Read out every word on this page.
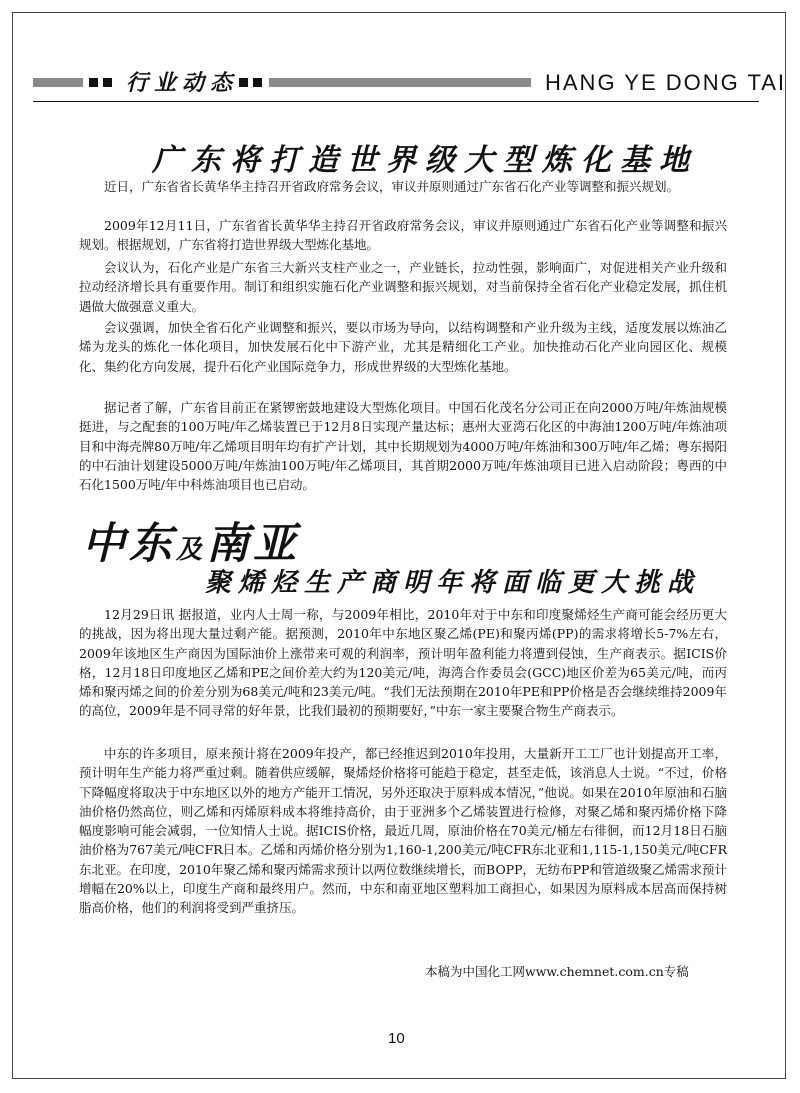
行业动态	HANG YE DONG TAI
广东将打造世界级大型炼化基地

近日，广东省省长黄华华主持召开省政府常务会议，审议并原则通过广东省石化产业等调整和振兴规划。

2009年12月11日，广东省省长黄华华主持召开省政府常务会议，审议并原则通过广东省石化产业等调整和振兴规划。根据规划，广东省将打造世界级大型炼化基地。

会议认为，石化产业是广东省三大新兴支柱产业之一，产业链长，拉动性强，影响面广，对促进相关产业升级和拉动经济增长具有重要作用。制订和组织实施石化产业调整和振兴规划，对当前保持全省石化产业稳定发展，抓住机遇做大做强意义重大。

会议强调，加快全省石化产业调整和振兴，要以市场为导向，以结构调整和产业升级为主线，适度发展以炼油乙烯为龙头的炼化一体化项目，加快发展石化中下游产业，尤其是精细化工产业。加快推动石化产业向园区化、规模化、集约化方向发展，提升石化产业国际竞争力，形成世界级的大型炼化基地。

据记者了解，广东省目前正在紧锣密鼓地建设大型炼化项目。中国石化茂名分公司正在向2000万吨/年炼油规模挺进，与之配套的100万吨/年乙烯装置已于12月8日实现产量达标；惠州大亚湾石化区的中海油1200万吨/年炼油项目和中海壳牌80万吨/年乙烯项目明年均有扩产计划，其中长期规划为4000万吨/年炼油和300万吨/年乙烯；粤东揭阳的中石油计划建设5000万吨/年炼油100万吨/年乙烯项目，其首期2000万吨/年炼油项目已进入启动阶段；粤西的中石化1500万吨/年中科炼油项目也已启动。

中东及南亚
聚烯烃生产商明年将面临更大挑战

12月29日讯 据报道，业内人士周一称，与2009年相比，2010年对于中东和印度聚烯烃生产商可能会经历更大的挑战，因为将出现大量过剩产能。据预测，2010年中东地区聚乙烯(PE)和聚丙烯(PP)的需求将增长5-7%左右，2009年该地区生产商因为国际油价上涨带来可观的利润率，预计明年盈利能力将遭到侵蚀，生产商表示。据ICIS价格，12月18日印度地区乙烯和PE之间价差大约为120美元/吨，海湾合作委员会(GCC)地区价差为65美元/吨，而丙烯和聚丙烯之间的价差分别为68美元/吨和23美元/吨。“我们无法预期在2010年PE和PP价格是否会继续维持2009年的高位，2009年是不同寻常的好年景，比我们最初的预期要好，”中东一家主要聚合物生产商表示。

中东的许多项目，原来预计将在2009年投产，都已经推迟到2010年投用，大量新开工工厂也计划提高开工率，预计明年生产能力将严重过剩。随着供应缓解，聚烯烃价格将可能趋于稳定，甚至走低，该消息人士说。“不过，价格下降幅度将取决于中东地区以外的地方产能开工情况，另外还取决于原料成本情况，”他说。如果在2010年原油和石脑油价格仍然高位，则乙烯和丙烯原料成本将维持高价，由于亚洲多个乙烯装置进行检修，对聚乙烯和聚丙烯价格下降幅度影响可能会减弱，一位知情人士说。据ICIS价格，最近几周，原油价格在70美元/桶左右徘徊，而12月18日石脑油价格为767美元/吨CFR日本。乙烯和丙烯价格分别为1,160-1,200美元/吨CFR东北亚和1,115-1,150美元/吨CFR东北亚。在印度，2010年聚乙烯和聚丙烯需求预计以两位数继续增长，而BOPP，无纺布PP和管道级聚乙烯需求预计增幅在20%以上，印度生产商和最终用户。然而，中东和南亚地区塑料加工商担心，如果因为原料成本居高而保持树脂高价格，他们的利润将受到严重挤压。

本稿为中国化工网www.chemnet.com.cn专稿
10
